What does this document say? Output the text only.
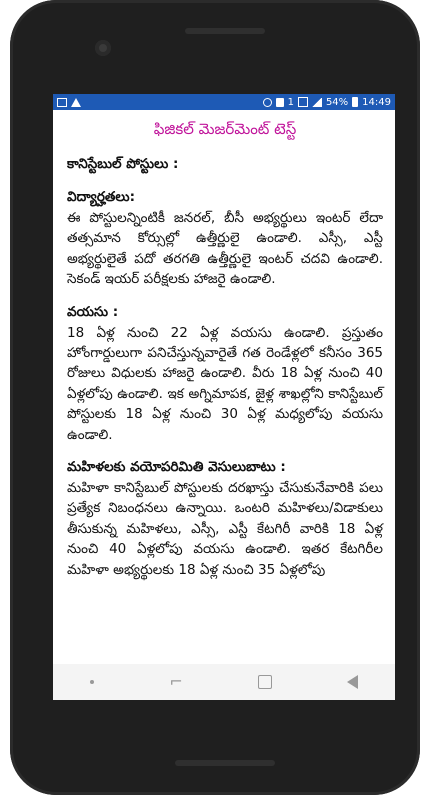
1	54% 14:49
ఫిజికల్ మెజర్‌మెంట్ టెస్ట్

కానిస్టేబుల్ పోస్టులు :

విద్యార్హతలు:

ఈ పోస్టులన్నింటికీ జనరల్, బీసీ అభ్యర్థులు ఇంటర్ లేదా తత్సమాన కోర్సుల్లో ఉత్తీర్ణులై ఉండాలి. ఎస్సీ, ఎస్టీ అభ్యర్థులైతే పదో తరగతి ఉత్తీర్ణులై ఇంటర్ చదవి ఉండాలి. సెకండ్ ఇయర్ పరీక్షలకు హాజరై ఉండాలి.

వయసు :

18 ఏళ్ల నుంచి 22 ఏళ్ల వయసు ఉండాలి. ప్రస్తుతం హోంగార్డులుగా పనిచేస్తున్నవారైతే గత రెండేళ్లలో కనీసం 365 రోజులు విధులకు హాజరై ఉండాలి. వీరు 18 ఏళ్ల నుంచి 40 ఏళ్లలోపు ఉండాలి. ఇక అగ్నిమాపక, జైళ్ల శాఖల్లోని కానిస్టేబుల్ పోస్టులకు 18 ఏళ్ల నుంచి 30 ఏళ్ల మధ్యలోపు వయసు ఉండాలి.

మహిళలకు వయోపరిమితి వెసులుబాటు :

మహిళా కానిస్టేబుల్ పోస్టులకు దరఖాస్తు చేసుకునేవారికి పలు ప్రత్యేక నిబంధనలు ఉన్నాయి. ఒంటరి మహిళలు/విడాకులు తీసుకున్న మహిళలు, ఎస్సీ, ఎస్టీ కేటగిరీ వారికి 18 ఏళ్ల నుంచి 40 ఏళ్లలోపు వయసు ఉండాలి. ఇతర కేటగిరీల మహిళా అభ్యర్థులకు 18 ఏళ్ల నుంచి 35 ఏళ్లలోపు

⌐
